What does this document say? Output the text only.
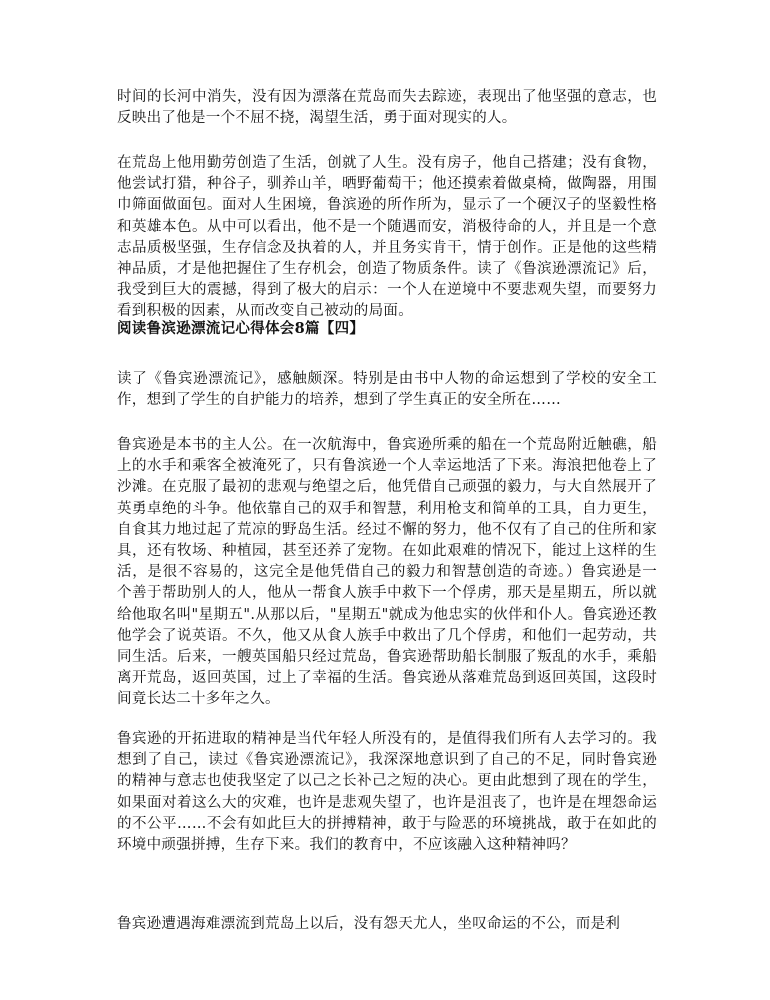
时间的长河中消失，没有因为漂落在荒岛而失去踪迹，表现出了他坚强的意志，也反映出了他是一个不屈不挠，渴望生活，勇于面对现实的人。

在荒岛上他用勤劳创造了生活，创就了人生。没有房子，他自己搭建；没有食物，他尝试打猎，种谷子，驯养山羊，晒野葡萄干；他还摸索着做桌椅，做陶器，用围巾筛面做面包。面对人生困境，鲁滨逊的所作所为，显示了一个硬汉子的坚毅性格和英雄本色。从中可以看出，他不是一个随遇而安，消极待命的人，并且是一个意志品质极坚强，生存信念及执着的人，并且务实肯干，情于创作。正是他的这些精神品质，才是他把握住了生存机会，创造了物质条件。读了《鲁滨逊漂流记》后，我受到巨大的震撼，得到了极大的启示：一个人在逆境中不要悲观失望，而要努力看到积极的因素，从而改变自己被动的局面。

阅读鲁滨逊漂流记心得体会8篇【四】

读了《鲁宾逊漂流记》，感触颇深。特别是由书中人物的命运想到了学校的安全工作，想到了学生的自护能力的培养，想到了学生真正的安全所在……

鲁宾逊是本书的主人公。在一次航海中，鲁宾逊所乘的船在一个荒岛附近触礁，船上的水手和乘客全被淹死了，只有鲁滨逊一个人幸运地活了下来。海浪把他卷上了沙滩。在克服了最初的悲观与绝望之后，他凭借自己顽强的毅力，与大自然展开了英勇卓绝的斗争。他依靠自己的双手和智慧，利用枪支和简单的工具，自力更生，自食其力地过起了荒凉的野岛生活。经过不懈的努力，他不仅有了自己的住所和家具，还有牧场、种植园，甚至还养了宠物。在如此艰难的情况下，能过上这样的生活，是很不容易的，这完全是他凭借自己的毅力和智慧创造的奇迹。）鲁宾逊是一个善于帮助别人的人，他从一帮食人族手中救下一个俘虏，那天是星期五，所以就给他取名叫"星期五".从那以后，"星期五"就成为他忠实的伙伴和仆人。鲁宾逊还教他学会了说英语。不久，他又从食人族手中救出了几个俘虏，和他们一起劳动，共同生活。后来，一艘英国船只经过荒岛，鲁宾逊帮助船长制服了叛乱的水手，乘船离开荒岛，返回英国，过上了幸福的生活。鲁宾逊从落难荒岛到返回英国，这段时间竟长达二十多年之久。

鲁宾逊的开拓进取的精神是当代年轻人所没有的，是值得我们所有人去学习的。我想到了自己，读过《鲁宾逊漂流记》，我深深地意识到了自己的不足，同时鲁宾逊的精神与意志也使我坚定了以己之长补己之短的决心。更由此想到了现在的学生，如果面对着这么大的灾难，也许是悲观失望了，也许是沮丧了，也许是在埋怨命运的不公平……不会有如此巨大的拼搏精神，敢于与险恶的环境挑战，敢于在如此的环境中顽强拼搏，生存下来。我们的教育中，不应该融入这种精神吗？

鲁宾逊遭遇海难漂流到荒岛上以后，没有怨天尤人，坐叹命运的不公，而是利
